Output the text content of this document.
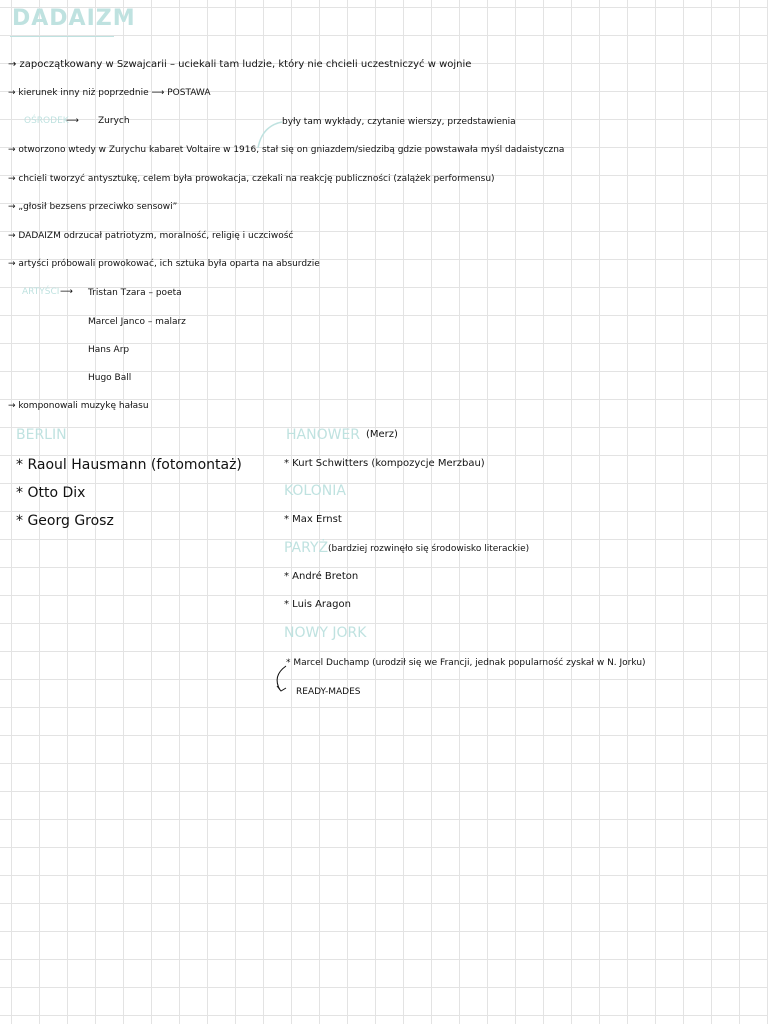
DADAIZM
→ zapoczątkowany w Szwajcarii – uciekali tam ludzie, który nie chcieli uczestniczyć w wojnie
→ kierunek inny niż poprzednie ⟶ POSTAWA
OŚRODEK
⟶ Zurych	były tam wykłady, czytanie wierszy, przedstawienia
→ otworzono wtedy w Zurychu kabaret Voltaire w 1916, stał się on gniazdem/siedzibą gdzie powstawała myśl dadaistyczna
→ chcieli tworzyć antysztukę, celem była prowokacja, czekali na reakcję publiczności (zalążek performensu)
→ „głosił bezsens przeciwko sensowi”
→ DADAIZM odrzucał patriotyzm, moralność, religię i uczciwość
→ artyści próbowali prowokować, ich sztuka była oparta na absurdzie
ARTYŚCI ⟶ Tristan Tzara – poeta
Marcel Janco – malarz
Hans Arp
Hugo Ball
→ komponowali muzykę hałasu
BERLIN
* Raoul Hausmann (fotomontaż)
* Otto Dix
* Georg Grosz
HANOWER (Merz)
* Kurt Schwitters (kompozycje Merzbau)
KOLONIA
* Max Ernst
PARYŻ (bardziej rozwinęło się środowisko literackie)
* André Breton
* Luis Aragon
NOWY JORK
* Marcel Duchamp (urodził się we Francji, jednak popularność zyskał w N. Jorku)
READY-MADES
